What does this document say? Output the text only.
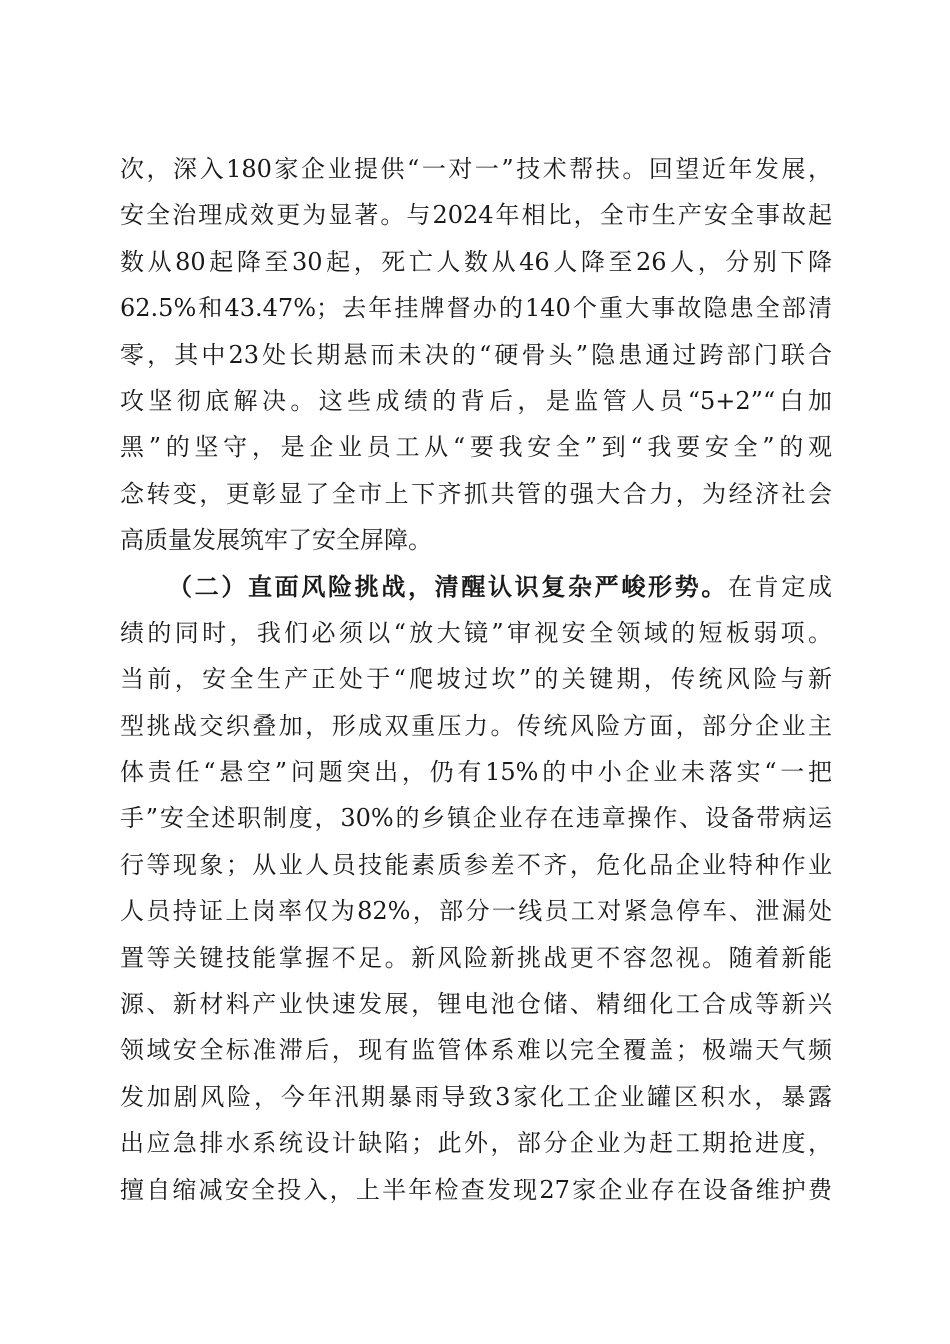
次，深入180家企业提供“一对一”技术帮扶。回望近年发展，
安全治理成效更为显著。与2024年相比，全市生产安全事故起
数从80起降至30起，死亡人数从46人降至26人，分别下降
62.5%和43.47%；去年挂牌督办的140个重大事故隐患全部清
零，其中23处长期悬而未决的“硬骨头”隐患通过跨部门联合
攻坚彻底解决。这些成绩的背后，是监管人员“5+2”“白加
黑”的坚守，是企业员工从“要我安全”到“我要安全”的观
念转变，更彰显了全市上下齐抓共管的强大合力，为经济社会
高质量发展筑牢了安全屏障。
（二）直面风险挑战，清醒认识复杂严峻形势。在肯定成
绩的同时，我们必须以“放大镜”审视安全领域的短板弱项。
当前，安全生产正处于“爬坡过坎”的关键期，传统风险与新
型挑战交织叠加，形成双重压力。传统风险方面，部分企业主
体责任“悬空”问题突出，仍有15%的中小企业未落实“一把
手”安全述职制度，30%的乡镇企业存在违章操作、设备带病运
行等现象；从业人员技能素质参差不齐，危化品企业特种作业
人员持证上岗率仅为82%，部分一线员工对紧急停车、泄漏处
置等关键技能掌握不足。新风险新挑战更不容忽视。随着新能
源、新材料产业快速发展，锂电池仓储、精细化工合成等新兴
领域安全标准滞后，现有监管体系难以完全覆盖；极端天气频
发加剧风险，今年汛期暴雨导致3家化工企业罐区积水，暴露
出应急排水系统设计缺陷；此外，部分企业为赶工期抢进度，
擅自缩减安全投入，上半年检查发现27家企业存在设备维护费
